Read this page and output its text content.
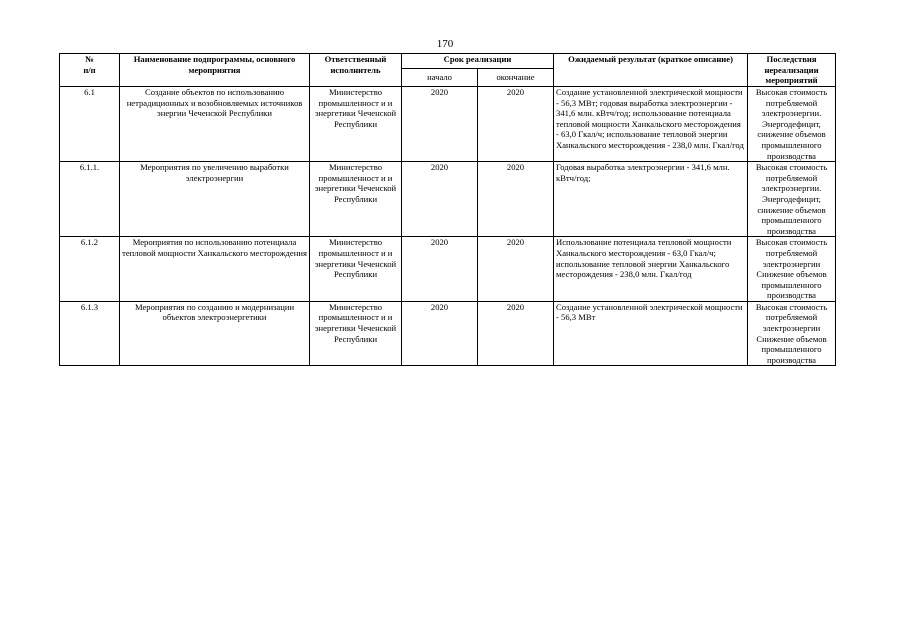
170
№
п/п	Наименование подпрограммы, основного мероприятия	Ответственный исполнитель	Срок реализации		Ожидаемый результат (краткое описание)	Последствия нереализации мероприятий
			начало	окончание		
6.1	Создание объектов по использованию нетрадиционных и возобновляемых источников энергии Чеченской Республики	Министерство промышленност и и энергетики Чеченской Республики	2020	2020	Создание установленной электрической мощности - 56,3 МВт; годовая выработка электроэнергии - 341,6 млн. кВтч/год; использование потенциала тепловой мощности Ханкальского месторождения - 63,0 Гкал/ч; использование тепловой энергии Ханкальского месторождения - 238,0 млн. Гкал/год	Высокая стоимость потребляемой электроэнергии. Энергодефицит, снижение объемов промышленного производства
6.1.1.	Мероприятия по увеличению выработки электроэнергии	Министерство промышленност и и энергетики Чеченской Республики	2020	2020	Годовая выработка электроэнергии - 341,6 млн. кВтч/год;	Высокая стоимость потребляемой электроэнергии. Энергодефицит, снижение объемов промышленного производства
6.1.2	Мероприятия по использованию потенциала тепловой мощности Ханкальского месторождения	Министерство промышленност и и энергетики Чеченской Республики	2020	2020	Использование потенциала тепловой мощности Ханкальского месторождения - 63,0 Гкал/ч; использование тепловой энергии Ханкальского месторождения - 238,0 млн. Гкал/год	Высокая стоимость потребляемой электроэнергии Снижение объемов промышленного производства
6.1.3	Мероприятия по созданию и модернизации объектов электроэнергетики	Министерство промышленност и и энергетики Чеченской Республики	2020	2020	Создание установленной электрической мощности - 56,3 МВт	Высокая стоимость потребляемой электроэнергии Снижение объемов промышленного производства
